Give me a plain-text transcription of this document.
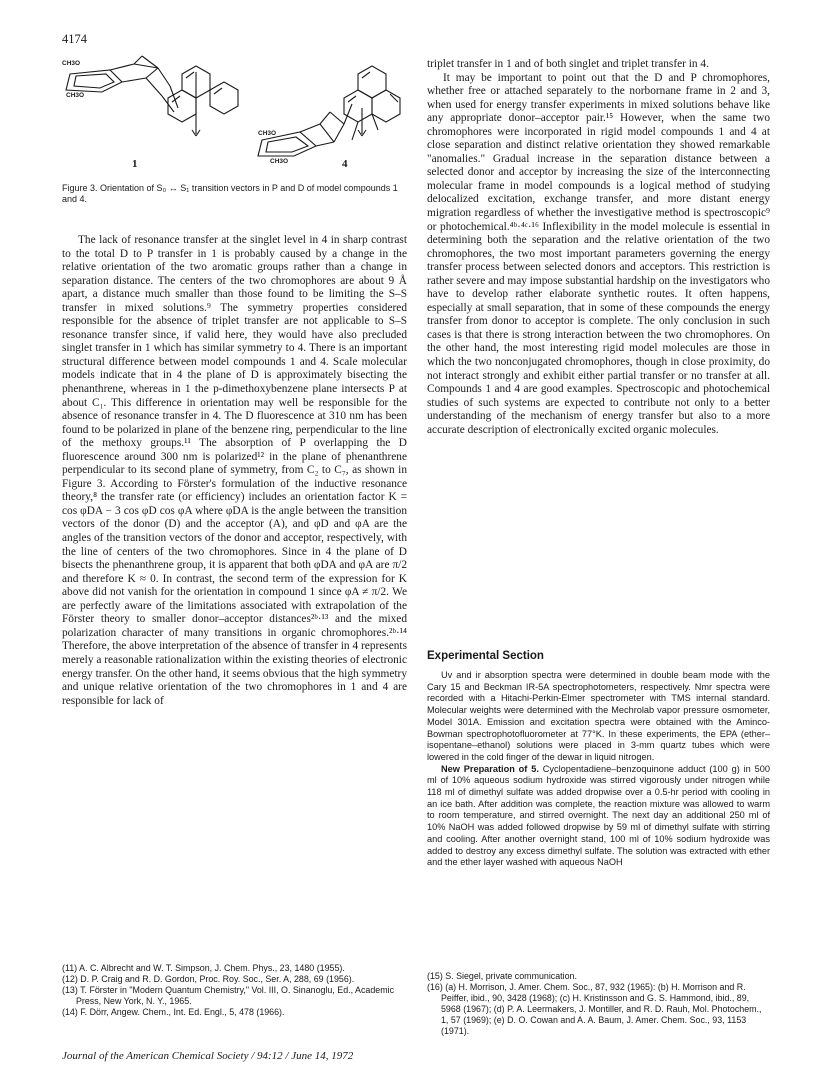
4174
CH3O
CH3O
CH3O
CH3O
1	4
Figure 3. Orientation of S₀ ↔ S₁ transition vectors in P and D of model compounds 1 and 4.

The lack of resonance transfer at the singlet level in 4 in sharp contrast to the total D to P transfer in 1 is probably caused by a change in the relative orientation of the two aromatic groups rather than a change in separation distance. The centers of the two chromophores are about 9 Å apart, a distance much smaller than those found to be limiting the S–S transfer in mixed solutions.⁹ The symmetry properties considered responsible for the absence of triplet transfer are not applicable to S–S resonance transfer since, if valid here, they would have also precluded singlet transfer in 1 which has similar symmetry to 4. There is an important structural difference between model compounds 1 and 4. Scale molecular models indicate that in 4 the plane of D is approximately bisecting the phenanthrene, whereas in 1 the p-dimethoxybenzene plane intersects P at about C₁. This difference in orientation may well be responsible for the absence of resonance transfer in 4. The D fluorescence at 310 nm has been found to be polarized in plane of the benzene ring, perpendicular to the line of the methoxy groups.¹¹ The absorption of P overlapping the D fluorescence around 300 nm is polarized¹² in the plane of phenanthrene perpendicular to its second plane of symmetry, from C₂ to C₇, as shown in Figure 3. According to Förster's formulation of the inductive resonance theory,⁸ the transfer rate (or efficiency) includes an orientation factor K = cos φDA − 3 cos φD cos φA where φDA is the angle between the transition vectors of the donor (D) and the acceptor (A), and φD and φA are the angles of the transition vectors of the donor and acceptor, respectively, with the line of centers of the two chromophores. Since in 4 the plane of D bisects the phenanthrene group, it is apparent that both φDA and φA are π/2 and therefore K ≈ 0. In contrast, the second term of the expression for K above did not vanish for the orientation in compound 1 since φA ≠ π/2. We are perfectly aware of the limitations associated with extrapolation of the Förster theory to smaller donor–acceptor distances²ᵇ·¹³ and the mixed polarization character of many transitions in organic chromophores.²ᵇ·¹⁴ Therefore, the above interpretation of the absence of transfer in 4 represents merely a reasonable rationalization within the existing theories of electronic energy transfer. On the other hand, it seems obvious that the high symmetry and unique relative orientation of the two chromophores in 1 and 4 are responsible for lack of

triplet transfer in 1 and of both singlet and triplet transfer in 4.

It may be important to point out that the D and P chromophores, whether free or attached separately to the norbornane frame in 2 and 3, when used for energy transfer experiments in mixed solutions behave like any appropriate donor–acceptor pair.¹⁵ However, when the same two chromophores were incorporated in rigid model compounds 1 and 4 at close separation and distinct relative orientation they showed remarkable "anomalies." Gradual increase in the separation distance between a selected donor and acceptor by increasing the size of the interconnecting molecular frame in model compounds is a logical method of studying delocalized excitation, exchange transfer, and more distant energy migration regardless of whether the investigative method is spectroscopic⁹ or photochemical.⁴ᵇ·⁴ᶜ·¹⁶ Inflexibility in the model molecule is essential in determining both the separation and the relative orientation of the two chromophores, the two most important parameters governing the energy transfer process between selected donors and acceptors. This restriction is rather severe and may impose substantial hardship on the investigators who have to develop rather elaborate synthetic routes. It often happens, especially at small separation, that in some of these compounds the energy transfer from donor to acceptor is complete. The only conclusion in such cases is that there is strong interaction between the two chromophores. On the other hand, the most interesting rigid model molecules are those in which the two nonconjugated chromophores, though in close proximity, do not interact strongly and exhibit either partial transfer or no transfer at all. Compounds 1 and 4 are good examples. Spectroscopic and photochemical studies of such systems are expected to contribute not only to a better understanding of the mechanism of energy transfer but also to a more accurate description of electronically excited organic molecules.

Experimental Section

Uv and ir absorption spectra were determined in double beam mode with the Cary 15 and Beckman IR-5A spectrophotometers, respectively. Nmr spectra were recorded with a Hitachi-Perkin-Elmer spectrometer with TMS internal standard. Molecular weights were determined with the Mechrolab vapor pressure osmometer, Model 301A. Emission and excitation spectra were obtained with the Aminco-Bowman spectrophotofluorometer at 77°K. In these experiments, the EPA (ether–isopentane–ethanol) solutions were placed in 3-mm quartz tubes which were lowered in the cold finger of the dewar in liquid nitrogen.

New Preparation of 5. Cyclopentadiene–benzoquinone adduct (100 g) in 500 ml of 10% aqueous sodium hydroxide was stirred vigorously under nitrogen while 118 ml of dimethyl sulfate was added dropwise over a 0.5-hr period with cooling in an ice bath. After addition was complete, the reaction mixture was allowed to warm to room temperature, and stirred overnight. The next day an additional 250 ml of 10% NaOH was added followed dropwise by 59 ml of dimethyl sulfate with stirring and cooling. After another overnight stand, 100 ml of 10% sodium hydroxide was added to destroy any excess dimethyl sulfate. The solution was extracted with ether and the ether layer washed with aqueous NaOH

(11) A. C. Albrecht and W. T. Simpson, J. Chem. Phys., 23, 1480 (1955).
(12) D. P. Craig and R. D. Gordon, Proc. Roy. Soc., Ser. A, 288, 69 (1956).
(13) T. Förster in "Modern Quantum Chemistry," Vol. III, O. Sinanoglu, Ed., Academic Press, New York, N. Y., 1965.
(14) F. Dörr, Angew. Chem., Int. Ed. Engl., 5, 478 (1966).
(15) S. Siegel, private communication.
(16) (a) H. Morrison, J. Amer. Chem. Soc., 87, 932 (1965): (b) H. Morrison and R. Peiffer, ibid., 90, 3428 (1968); (c) H. Kristinsson and G. S. Hammond, ibid., 89, 5968 (1967); (d) P. A. Leermakers, J. Montiller, and R. D. Rauh, Mol. Photochem., 1, 57 (1969); (e) D. O. Cowan and A. A. Baum, J. Amer. Chem. Soc., 93, 1153 (1971).
Journal of the American Chemical Society / 94:12 / June 14, 1972
